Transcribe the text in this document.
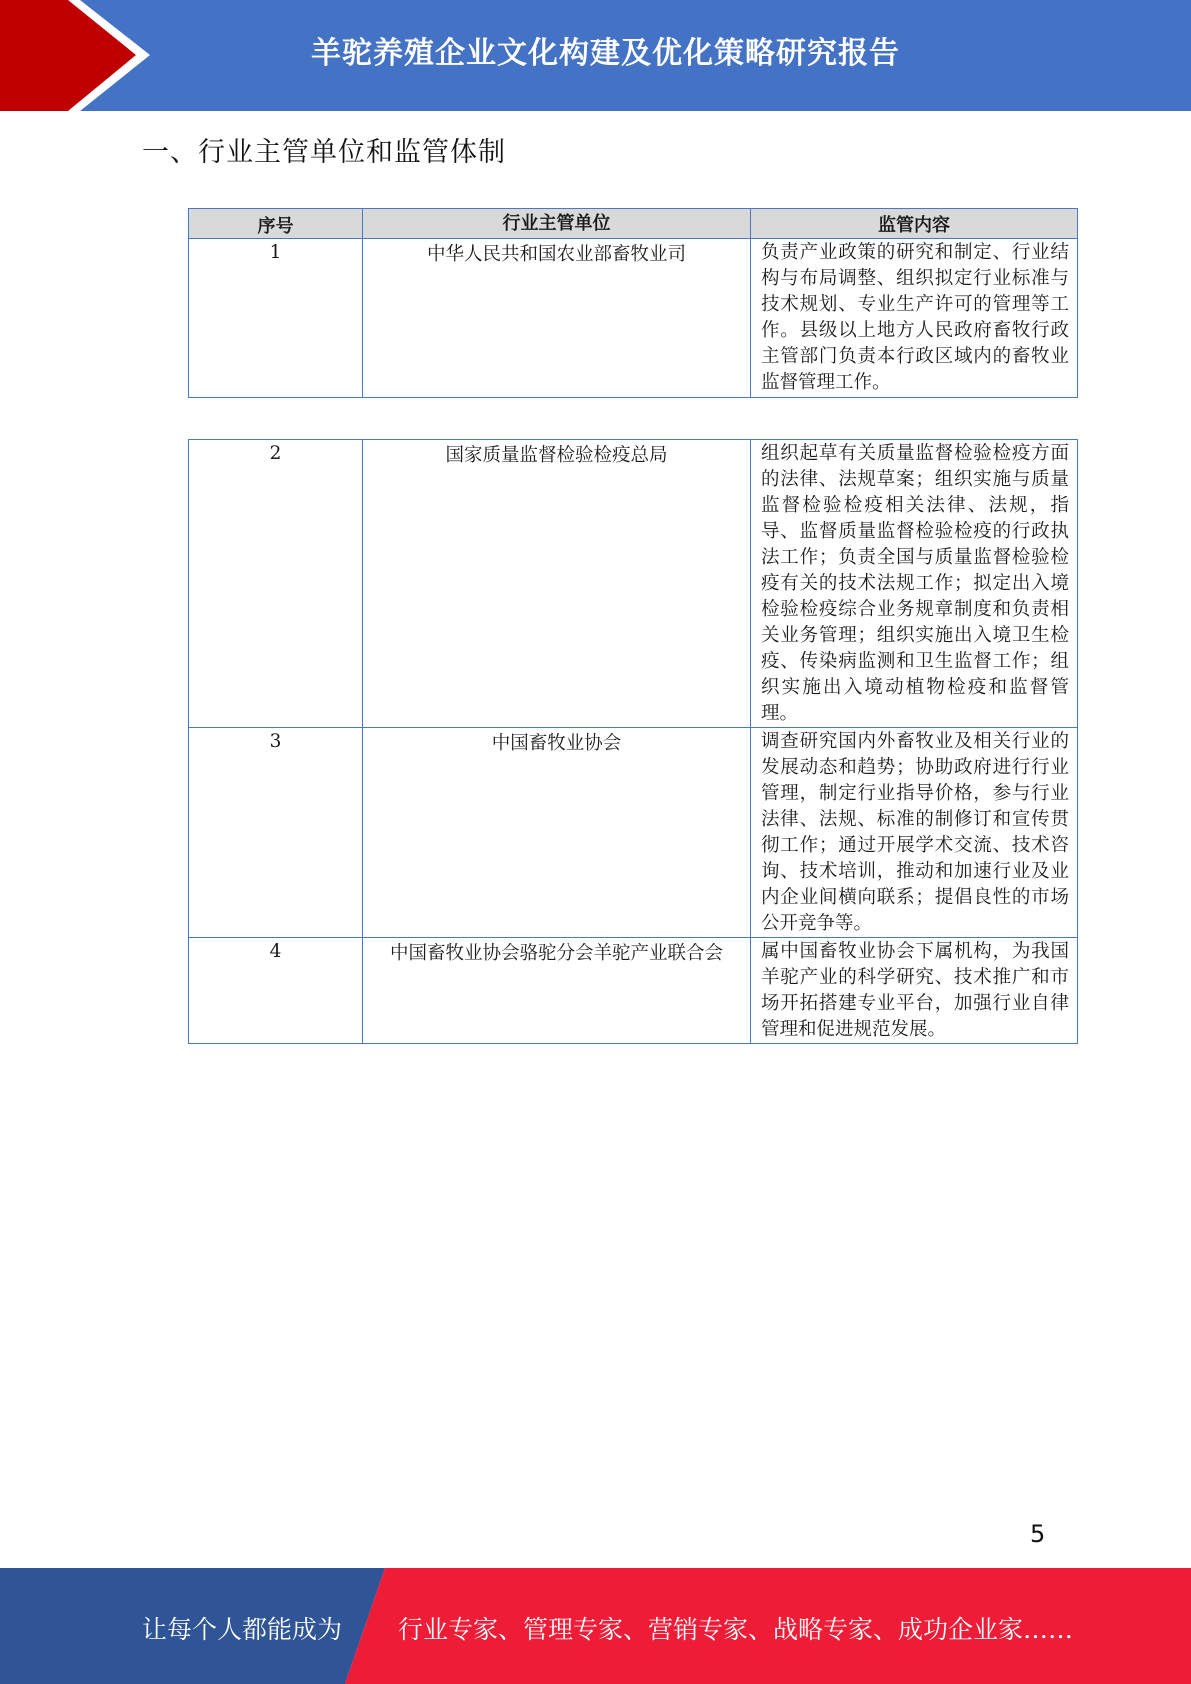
羊驼养殖企业文化构建及优化策略研究报告
一、行业主管单位和监管体制
序号	行业主管单位	监管内容
1	中华人民共和国农业部畜牧业司	负责产业政策的研究和制定、行业结构与布局调整、组织拟定行业标准与技术规划、专业生产许可的管理等工作。县级以上地方人民政府畜牧行政主管部门负责本行政区域内的畜牧业监督管理工作。
2	国家质量监督检验检疫总局	组织起草有关质量监督检验检疫方面的法律、法规草案；组织实施与质量监督检验检疫相关法律、法规，指导、监督质量监督检验检疫的行政执法工作；负责全国与质量监督检验检疫有关的技术法规工作；拟定出入境检验检疫综合业务规章制度和负责相关业务管理；组织实施出入境卫生检疫、传染病监测和卫生监督工作；组织实施出入境动植物检疫和监督管理。
3	中国畜牧业协会	调查研究国内外畜牧业及相关行业的发展动态和趋势；协助政府进行行业管理，制定行业指导价格，参与行业法律、法规、标准的制修订和宣传贯彻工作；通过开展学术交流、技术咨询、技术培训，推动和加速行业及业内企业间横向联系；提倡良性的市场公开竞争等。
4	中国畜牧业协会骆驼分会羊驼产业联合会	属中国畜牧业协会下属机构，为我国羊驼产业的科学研究、技术推广和市场开拓搭建专业平台，加强行业自律管理和促进规范发展。
5
让每个人都能成为 行业专家、管理专家、营销专家、战略专家、成功企业家……
